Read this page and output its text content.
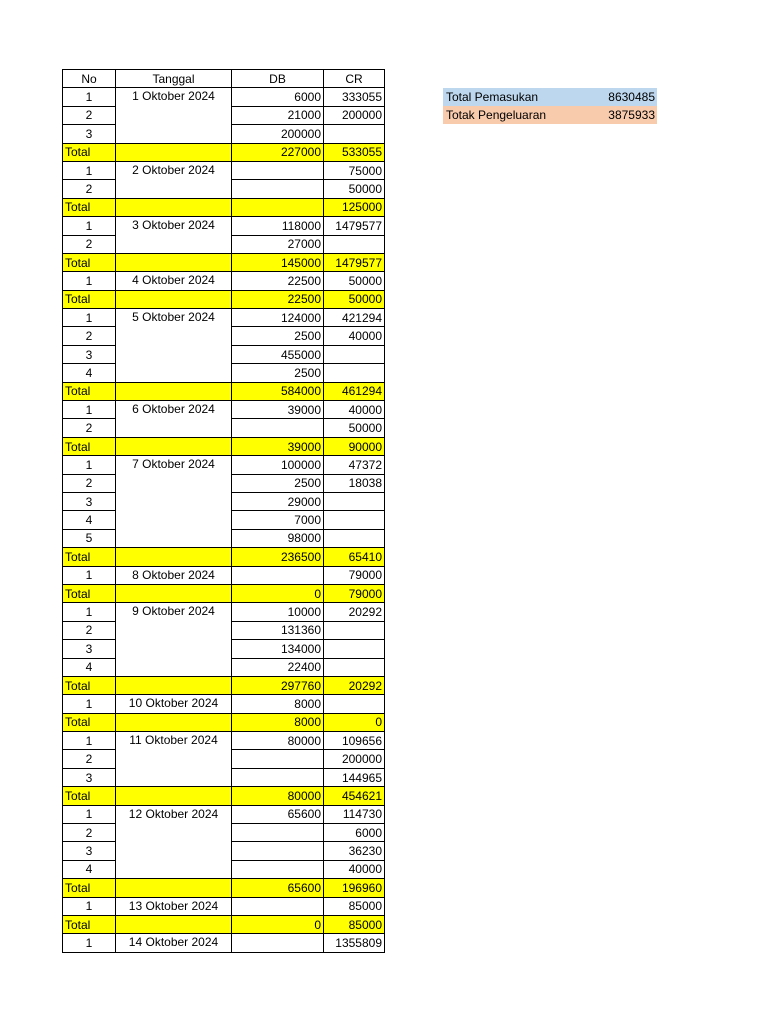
No	Tanggal	DB	CR
1	1 Oktober 2024	6000	333055
2		21000	200000
3		200000	
Total		227000	533055
1	2 Oktober 2024		75000
2			50000
Total			125000
1	3 Oktober 2024	118000	1479577
2		27000	
Total		145000	1479577
1	4 Oktober 2024	22500	50000
Total		22500	50000
1	5 Oktober 2024	124000	421294
2		2500	40000
3		455000	
4		2500	
Total		584000	461294
1	6 Oktober 2024	39000	40000
2			50000
Total		39000	90000
1	7 Oktober 2024	100000	47372
2		2500	18038
3		29000	
4		7000	
5		98000	
Total		236500	65410
1	8 Oktober 2024		79000
Total		0	79000
1	9 Oktober 2024	10000	20292
2		131360	
3		134000	
4		22400	
Total		297760	20292
1	10 Oktober 2024	8000	
Total		8000	0
1	11 Oktober 2024	80000	109656
2			200000
3			144965
Total		80000	454621
1	12 Oktober 2024	65600	114730
2			6000
3			36230
4			40000
Total		65600	196960
1	13 Oktober 2024		85000
Total		0	85000
1	14 Oktober 2024		1355809
Total Pemasukan	8630485
Totak Pengeluaran	3875933
